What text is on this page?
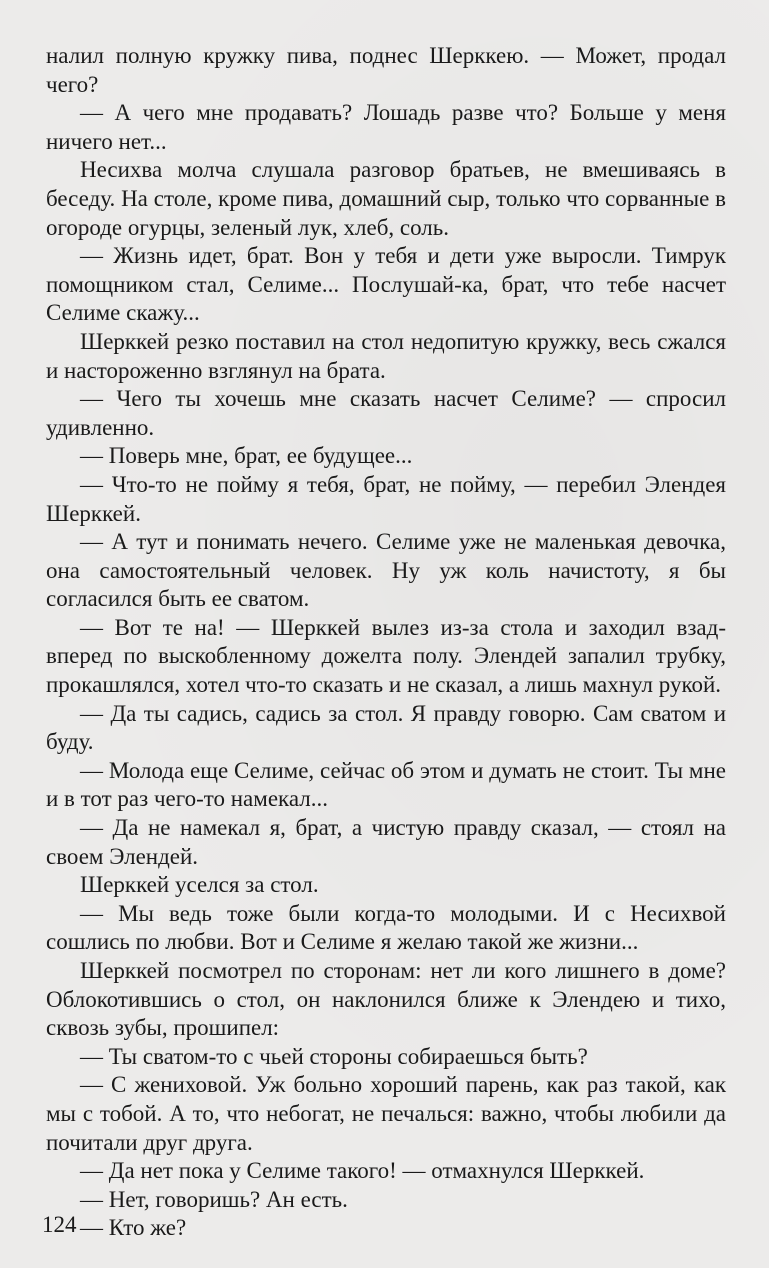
налил полную кружку пива, поднес Шерккею. — Может, продал чего?

— А чего мне продавать? Лошадь разве что? Больше у меня ничего нет...

Несихва молча слушала разговор братьев, не вмешиваясь в беседу. На столе, кроме пива, домашний сыр, только что сорванные в огороде огурцы, зеленый лук, хлеб, соль.

— Жизнь идет, брат. Вон у тебя и дети уже выросли. Тимрук помощником стал, Селиме... Послушай-ка, брат, что тебе насчет Селиме скажу...

Шерккей резко поставил на стол недопитую кружку, весь сжался и настороженно взглянул на брата.

— Чего ты хочешь мне сказать насчет Селиме? — спросил удивленно.

— Поверь мне, брат, ее будущее...

— Что-то не пойму я тебя, брат, не пойму, — перебил Элендея Шерккей.

— А тут и понимать нечего. Селиме уже не маленькая девочка, она самостоятельный человек. Ну уж коль начистоту, я бы согласился быть ее сватом.

— Вот те на! — Шерккей вылез из-за стола и заходил взад-вперед по выскобленному дожелта полу. Элендей запалил трубку, прокашлялся, хотел что-то сказать и не сказал, а лишь махнул рукой.

— Да ты садись, садись за стол. Я правду говорю. Сам сватом и буду.

— Молода еще Селиме, сейчас об этом и думать не стоит. Ты мне и в тот раз чего-то намекал...

— Да не намекал я, брат, а чистую правду сказал, — стоял на своем Элендей.

Шерккей уселся за стол.

— Мы ведь тоже были когда-то молодыми. И с Несихвой сошлись по любви. Вот и Селиме я желаю такой же жизни...

Шерккей посмотрел по сторонам: нет ли кого лишнего в доме? Облокотившись о стол, он наклонился ближе к Элендею и тихо, сквозь зубы, прошипел:

— Ты сватом-то с чьей стороны собираешься быть?

— С жениховой. Уж больно хороший парень, как раз такой, как мы с тобой. А то, что небогат, не печалься: важно, чтобы любили да почитали друг друга.

— Да нет пока у Селиме такого! — отмахнулся Шерккей.

— Нет, говоришь? Ан есть.

— Кто же?

124
